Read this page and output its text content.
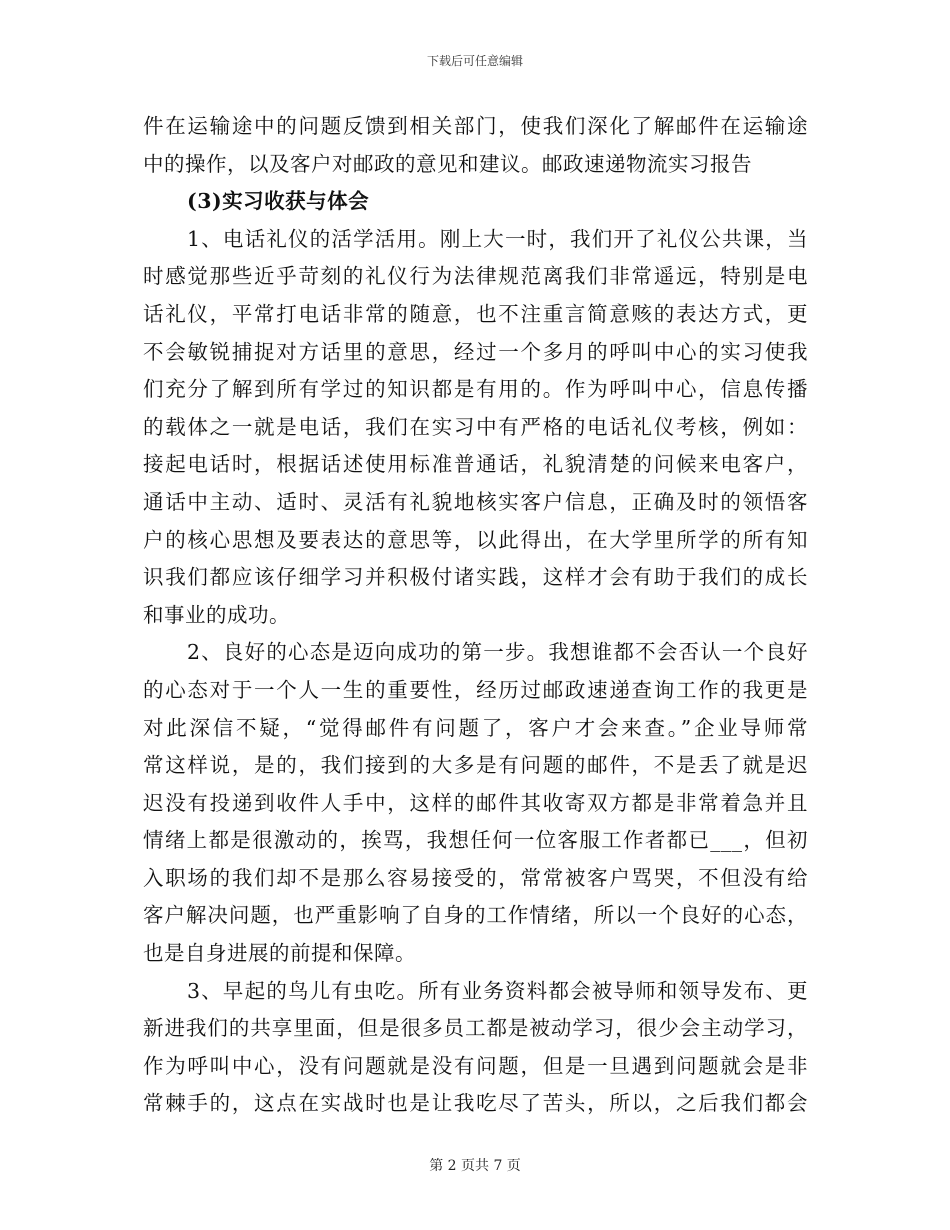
下载后可任意编辑
件在运输途中的问题反馈到相关部门，使我们深化了解邮件在运输途
中的操作，以及客户对邮政的意见和建议。邮政速递物流实习报告
(3)实习收获与体会
1、电话礼仪的活学活用。刚上大一时，我们开了礼仪公共课，当
时感觉那些近乎苛刻的礼仪行为法律规范离我们非常遥远，特别是电
话礼仪，平常打电话非常的随意，也不注重言简意赅的表达方式，更
不会敏锐捕捉对方话里的意思，经过一个多月的呼叫中心的实习使我
们充分了解到所有学过的知识都是有用的。作为呼叫中心，信息传播
的载体之一就是电话，我们在实习中有严格的电话礼仪考核，例如：
接起电话时，根据话述使用标准普通话，礼貌清楚的问候来电客户，
通话中主动、适时、灵活有礼貌地核实客户信息，正确及时的领悟客
户的核心思想及要表达的意思等，以此得出，在大学里所学的所有知
识我们都应该仔细学习并积极付诸实践，这样才会有助于我们的成长
和事业的成功。
2、良好的心态是迈向成功的第一步。我想谁都不会否认一个良好
的心态对于一个人一生的重要性，经历过邮政速递查询工作的我更是
对此深信不疑，“觉得邮件有问题了，客户才会来查。”企业导师常
常这样说，是的，我们接到的大多是有问题的邮件，不是丢了就是迟
迟没有投递到收件人手中，这样的邮件其收寄双方都是非常着急并且
情绪上都是很激动的，挨骂，我想任何一位客服工作者都已___，但初
入职场的我们却不是那么容易接受的，常常被客户骂哭，不但没有给
客户解决问题，也严重影响了自身的工作情绪，所以一个良好的心态，
也是自身进展的前提和保障。
3、早起的鸟儿有虫吃。所有业务资料都会被导师和领导发布、更
新进我们的共享里面，但是很多员工都是被动学习，很少会主动学习，
作为呼叫中心，没有问题就是没有问题，但是一旦遇到问题就会是非
常棘手的，这点在实战时也是让我吃尽了苦头，所以，之后我们都会
第 2 页共 7 页
